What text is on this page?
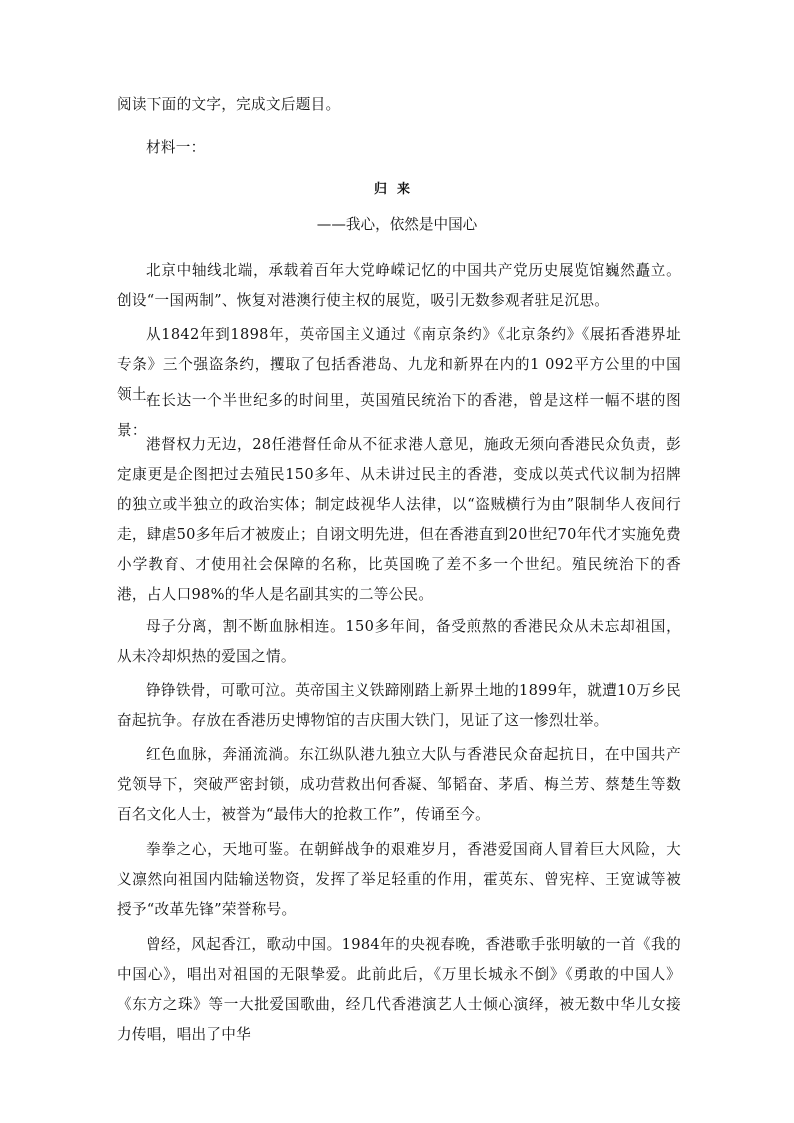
阅读下面的文字，完成文后题目。

材料一：

归来

——我心，依然是中国心

北京中轴线北端，承载着百年大党峥嵘记忆的中国共产党历史展览馆巍然矗立。创设“一国两制”、恢复对港澳行使主权的展览，吸引无数参观者驻足沉思。

从1842年到1898年，英帝国主义通过《南京条约》《北京条约》《展拓香港界址专条》三个强盗条约，攫取了包括香港岛、九龙和新界在内的1 092平方公里的中国领土。

在长达一个半世纪多的时间里，英国殖民统治下的香港，曾是这样一幅不堪的图景：

港督权力无边，28任港督任命从不征求港人意见，施政无须向香港民众负责，彭定康更是企图把过去殖民150多年、从未讲过民主的香港，变成以英式代议制为招牌的独立或半独立的政治实体；制定歧视华人法律，以“盗贼横行为由”限制华人夜间行走，肆虐50多年后才被废止；自诩文明先进，但在香港直到20世纪70年代才实施免费小学教育、才使用社会保障的名称，比英国晚了差不多一个世纪。殖民统治下的香港，占人口98%的华人是名副其实的二等公民。

母子分离，割不断血脉相连。150多年间，备受煎熬的香港民众从未忘却祖国，从未冷却炽热的爱国之情。

铮铮铁骨，可歌可泣。英帝国主义铁蹄刚踏上新界土地的1899年，就遭10万乡民奋起抗争。存放在香港历史博物馆的吉庆围大铁门，见证了这一惨烈壮举。

红色血脉，奔涌流淌。东江纵队港九独立大队与香港民众奋起抗日，在中国共产党领导下，突破严密封锁，成功营救出何香凝、邹韬奋、茅盾、梅兰芳、蔡楚生等数百名文化人士，被誉为“最伟大的抢救工作”，传诵至今。

拳拳之心，天地可鉴。在朝鲜战争的艰难岁月，香港爱国商人冒着巨大风险，大义凛然向祖国内陆输送物资，发挥了举足轻重的作用，霍英东、曾宪梓、王宽诚等被授予“改革先锋”荣誉称号。

曾经，风起香江，歌动中国。1984年的央视春晚，香港歌手张明敏的一首《我的中国心》，唱出对祖国的无限挚爱。此前此后，《万里长城永不倒》《勇敢的中国人》《东方之珠》等一大批爱国歌曲，经几代香港演艺人士倾心演绎，被无数中华儿女接力传唱，唱出了中华
